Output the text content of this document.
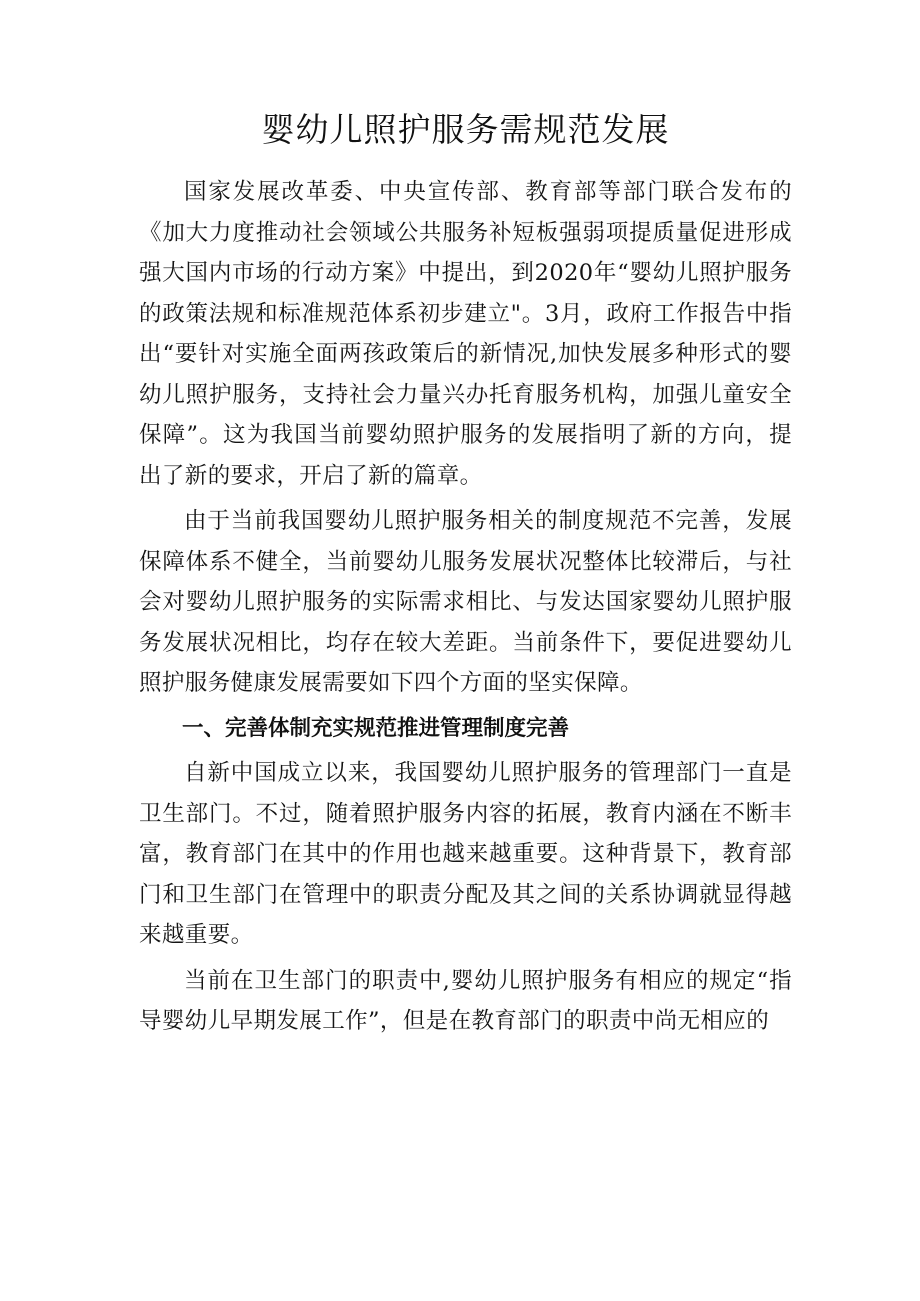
婴幼儿照护服务需规范发展

国家发展改革委、中央宣传部、教育部等部门联合发布的《加大力度推动社会领域公共服务补短板强弱项提质量促进形成强大国内市场的行动方案》中提出，到2020年“婴幼儿照护服务的政策法规和标准规范体系初步建立"。3月，政府工作报告中指出“要针对实施全面两孩政策后的新情况,加快发展多种形式的婴幼儿照护服务，支持社会力量兴办托育服务机构，加强儿童安全保障”。这为我国当前婴幼照护服务的发展指明了新的方向，提出了新的要求，开启了新的篇章。

由于当前我国婴幼儿照护服务相关的制度规范不完善，发展保障体系不健全，当前婴幼儿服务发展状况整体比较滞后，与社会对婴幼儿照护服务的实际需求相比、与发达国家婴幼儿照护服务发展状况相比，均存在较大差距。当前条件下，要促进婴幼儿照护服务健康发展需要如下四个方面的坚实保障。

一、完善体制充实规范推进管理制度完善

自新中国成立以来，我国婴幼儿照护服务的管理部门一直是卫生部门。不过，随着照护服务内容的拓展，教育内涵在不断丰富，教育部门在其中的作用也越来越重要。这种背景下，教育部门和卫生部门在管理中的职责分配及其之间的关系协调就显得越来越重要。

当前在卫生部门的职责中,婴幼儿照护服务有相应的规定“指导婴幼儿早期发展工作”，但是在教育部门的职责中尚无相应的
